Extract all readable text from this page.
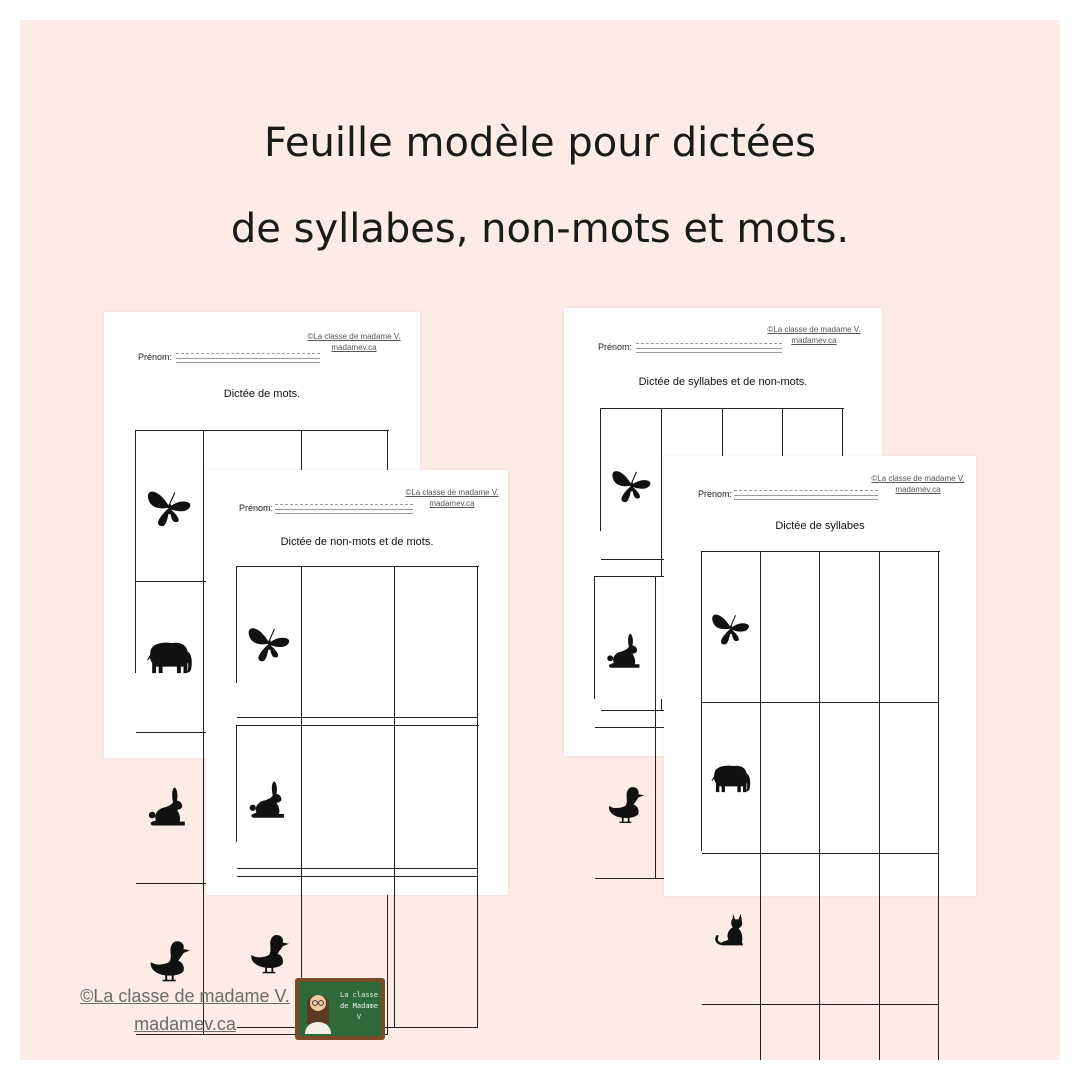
Feuille modèle pour dictées
de syllabes, non-mots et mots.
©La classe de madame V.
madamev.ca
Prénom:
Dictée de mots.
©La classe de madame V.
madamev.ca
Prénom:
Dictée de non-mots et de mots.
©La classe de madame V.
madamev.ca
Prénom:
Dictée de syllabes et de non-mots.
©La classe de madame V.
madamev.ca
Prénom:
Dictée de syllabes
©La classe de madame V.
madamev.ca
La classe de Madame V
